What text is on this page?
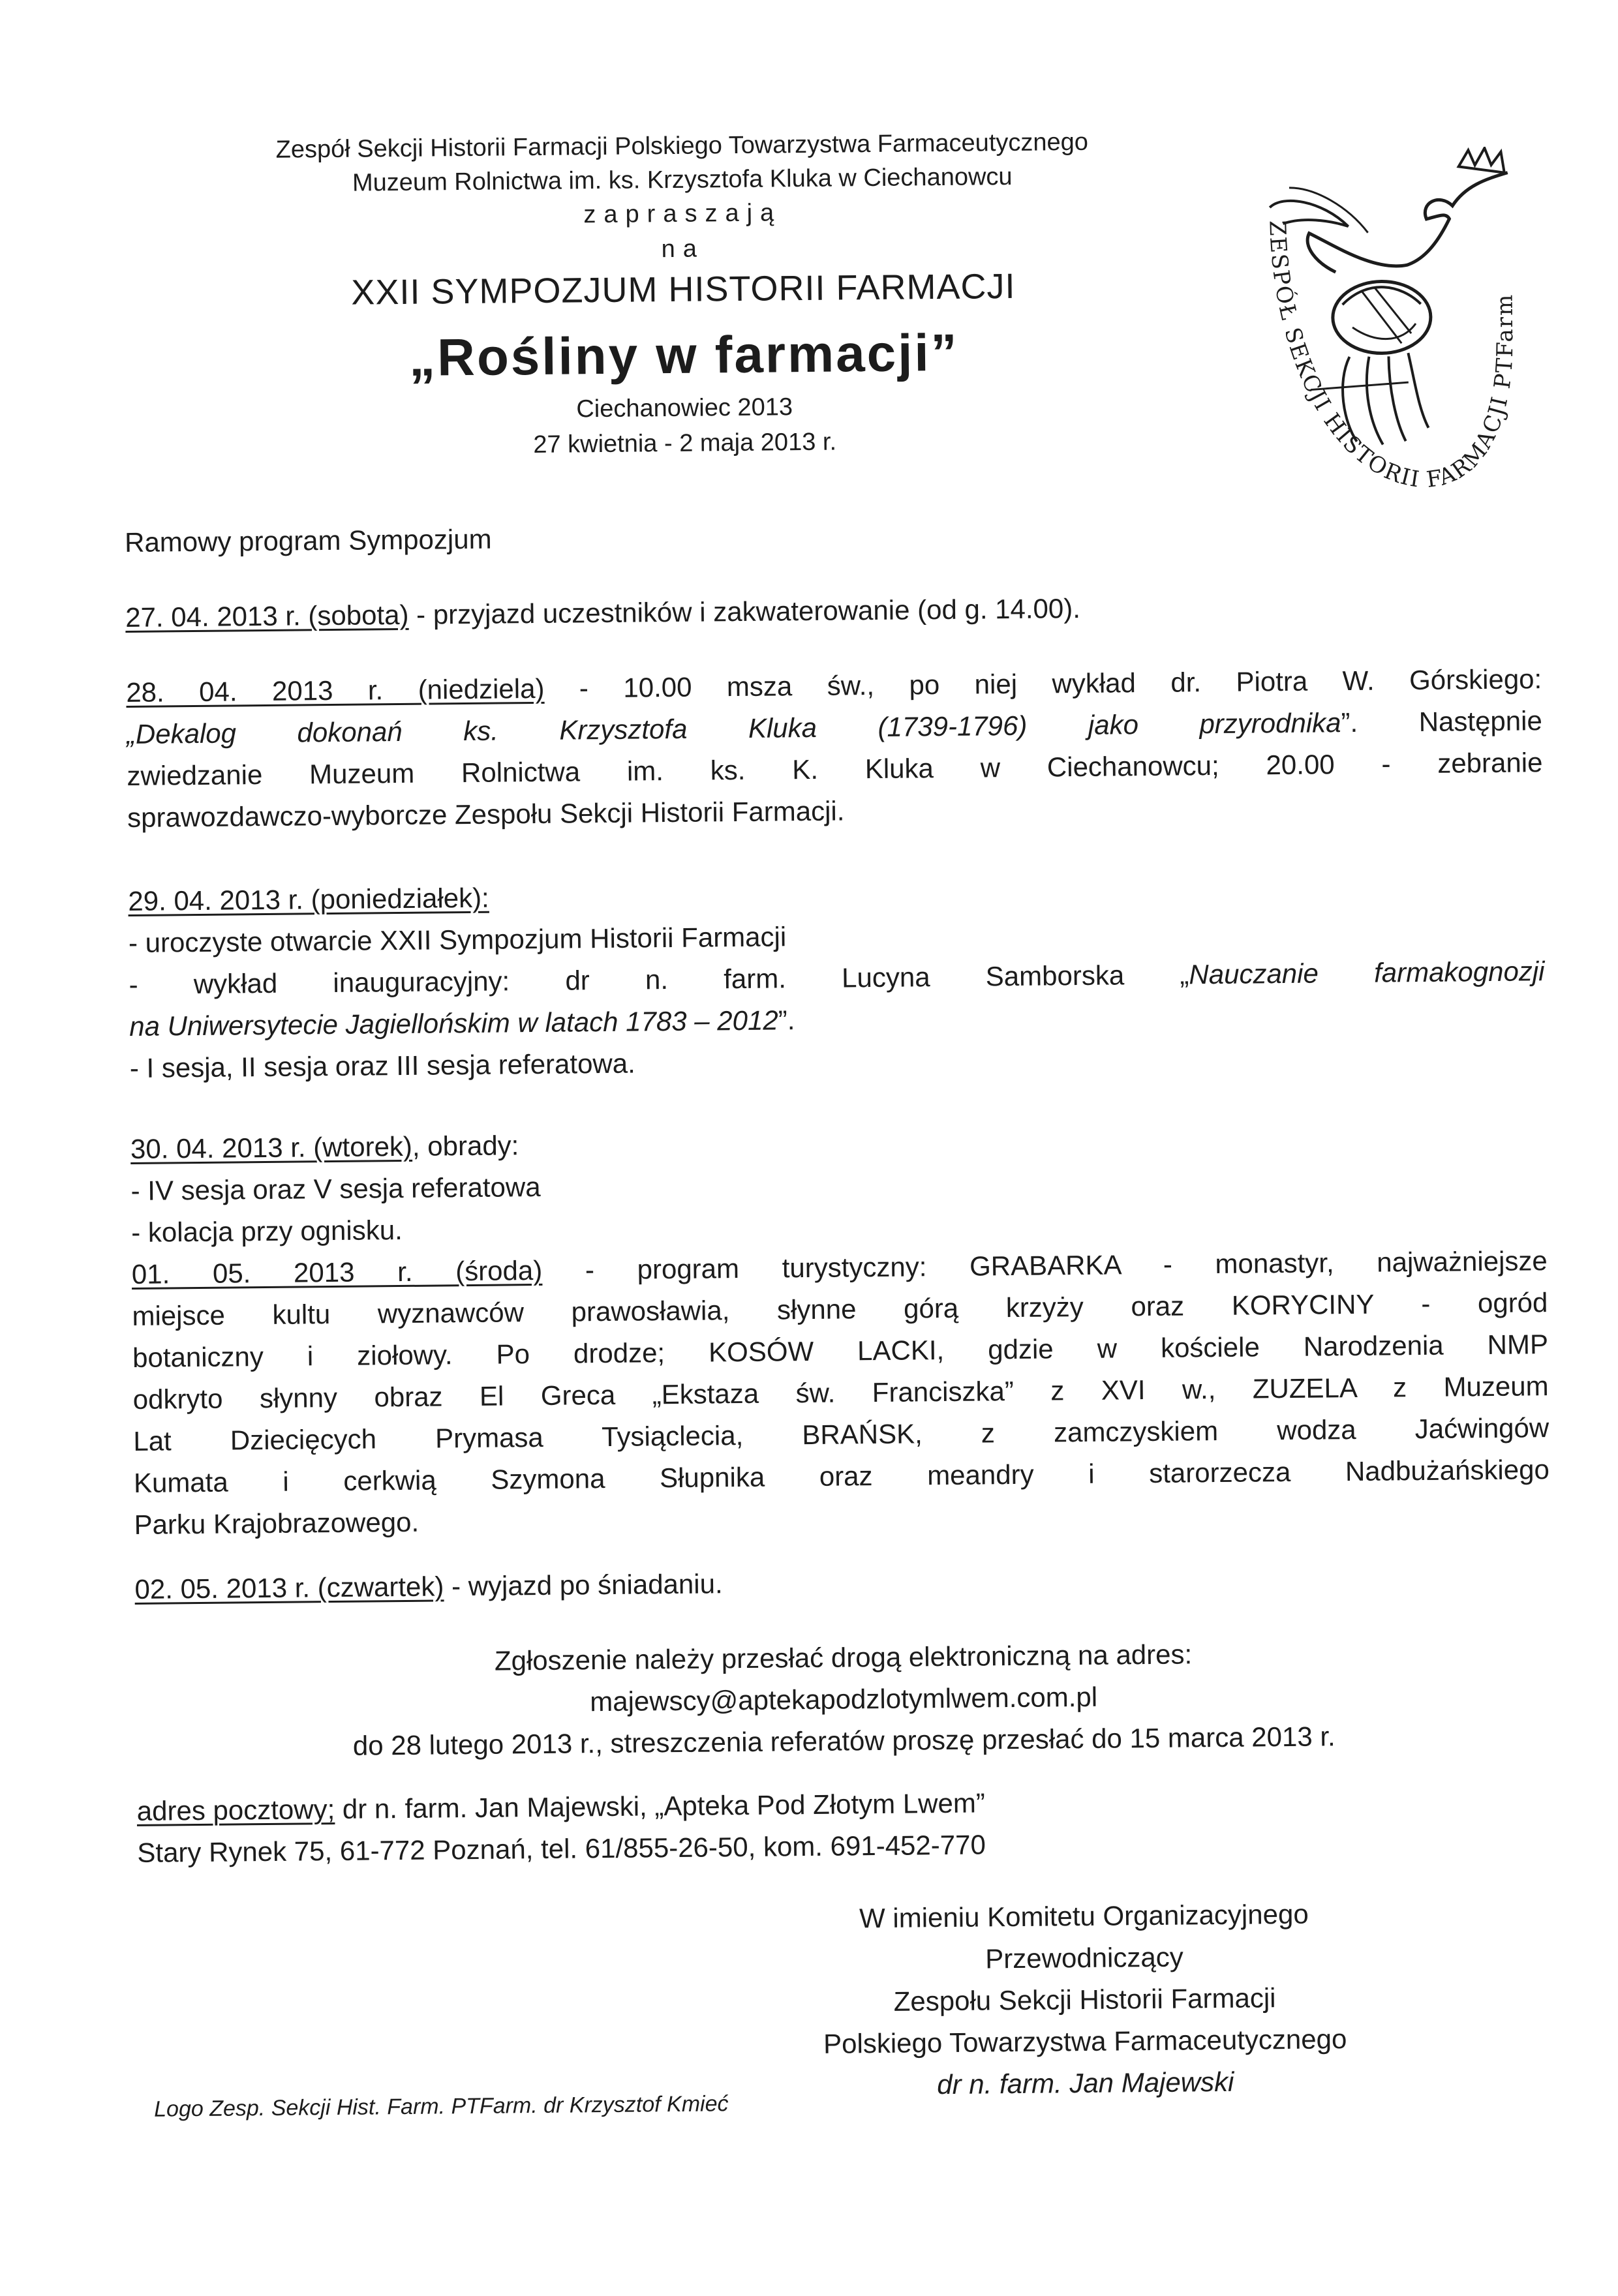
Zespół Sekcji Historii Farmacji Polskiego Towarzystwa Farmaceutycznego
Muzeum Rolnictwa im. ks. Krzysztofa Kluka w Ciechanowcu
zapraszają
na
XXII SYMPOZJUM HISTORII FARMACJI
„Rośliny w farmacji”
Ciechanowiec 2013
27 kwietnia - 2 maja 2013 r.
ZESPÓŁ SEKCJI HISTORII FARMACJI PTFarm
Ramowy program Sympozjum
27. 04. 2013 r. (sobota) - przyjazd uczestników i zakwaterowanie (od g. 14.00).
28. 04. 2013 r. (niedziela) - 10.00 msza św., po niej wykład dr. Piotra W. Górskiego:
„Dekalog dokonań ks. Krzysztofa Kluka (1739-1796) jako przyrodnika”. Następnie
zwiedzanie Muzeum Rolnictwa im. ks. K. Kluka w Ciechanowcu; 20.00 - zebranie
sprawozdawczo-wyborcze Zespołu Sekcji Historii Farmacji.
29. 04. 2013 r. (poniedziałek):
- uroczyste otwarcie XXII Sympozjum Historii Farmacji
- wykład inauguracyjny: dr n. farm. Lucyna Samborska „Nauczanie farmakognozji
na Uniwersytecie Jagiellońskim w latach 1783 – 2012”.
- I sesja, II sesja oraz III sesja referatowa.
30. 04. 2013 r. (wtorek), obrady:
- IV sesja oraz V sesja referatowa
- kolacja przy ognisku.
01. 05. 2013 r. (środa) - program turystyczny: GRABARKA - monastyr, najważniejsze
miejsce kultu wyznawców prawosławia, słynne górą krzyży oraz KORYCINY - ogród
botaniczny i ziołowy. Po drodze; KOSÓW LACKI, gdzie w kościele Narodzenia NMP
odkryto słynny obraz El Greca „Ekstaza św. Franciszka” z XVI w., ZUZELA z Muzeum
Lat Dziecięcych Prymasa Tysiąclecia, BRAŃSK, z zamczyskiem wodza Jaćwingów
Kumata i cerkwią Szymona Słupnika oraz meandry i starorzecza Nadbużańskiego
Parku Krajobrazowego.
02. 05. 2013 r. (czwartek) - wyjazd po śniadaniu.
Zgłoszenie należy przesłać drogą elektroniczną na adres:
majewscy@aptekapodzlotymlwem.com.pl
do 28 lutego 2013 r., streszczenia referatów proszę przesłać do 15 marca 2013 r.
adres pocztowy; dr n. farm. Jan Majewski, „Apteka Pod Złotym Lwem”
Stary Rynek 75, 61-772 Poznań, tel. 61/855-26-50, kom. 691-452-770
W imieniu Komitetu Organizacyjnego
Przewodniczący
Zespołu Sekcji Historii Farmacji
Polskiego Towarzystwa Farmaceutycznego
dr n. farm. Jan Majewski
Logo Zesp. Sekcji Hist. Farm. PTFarm. dr Krzysztof Kmieć
